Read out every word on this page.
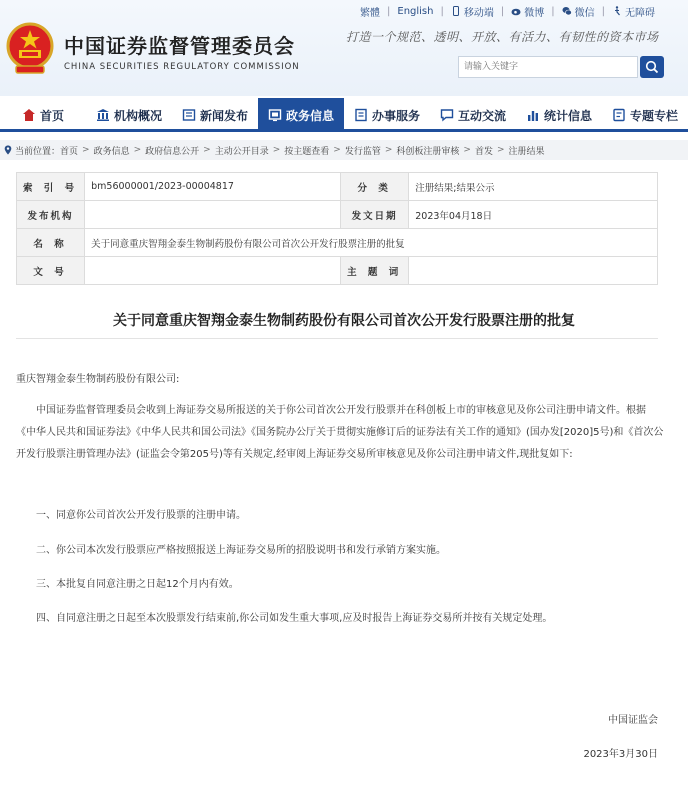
中国证券监督管理委员会
CHINA SECURITIES REGULATORY COMMISSION
打造一个规范、透明、开放、有活力、有韧性的资本市场
繁體 | English | 移动端 | 微博 | 微信 | 无障碍
请输入关键字
首页	机构概况	新闻发布	政务信息	办事服务	互动交流	统计信息	专题专栏
当前位置： 首页 > 政务信息 > 政府信息公开 > 主动公开目录 > 按主题查看 > 发行监管 > 科创板注册审核 > 首发 > 注册结果
索 引 号	bm56000001/2023-00004817	分 类	注册结果;结果公示
发布机构		发文日期	2023年04月18日
名 称	关于同意重庆智翔金泰生物制药股份有限公司首次公开发行股票注册的批复		
文 号		主 题 词	
关于同意重庆智翔金泰生物制药股份有限公司首次公开发行股票注册的批复
重庆智翔金泰生物制药股份有限公司:
中国证券监督管理委员会收到上海证券交易所报送的关于你公司首次公开发行股票并在科创板上市的审核意见及你公司注册申请文件。根据《中华人民共和国证券法》《中华人民共和国公司法》《国务院办公厅关于贯彻实施修订后的证券法有关工作的通知》(国办发[2020]5号)和《首次公开发行股票注册管理办法》(证监会令第205号)等有关规定,经审阅上海证券交易所审核意见及你公司注册申请文件,现批复如下:
一、同意你公司首次公开发行股票的注册申请。
二、你公司本次发行股票应严格按照报送上海证券交易所的招股说明书和发行承销方案实施。
三、本批复自同意注册之日起12个月内有效。
四、自同意注册之日起至本次股票发行结束前,你公司如发生重大事项,应及时报告上海证券交易所并按有关规定处理。
中国证监会
2023年3月30日
